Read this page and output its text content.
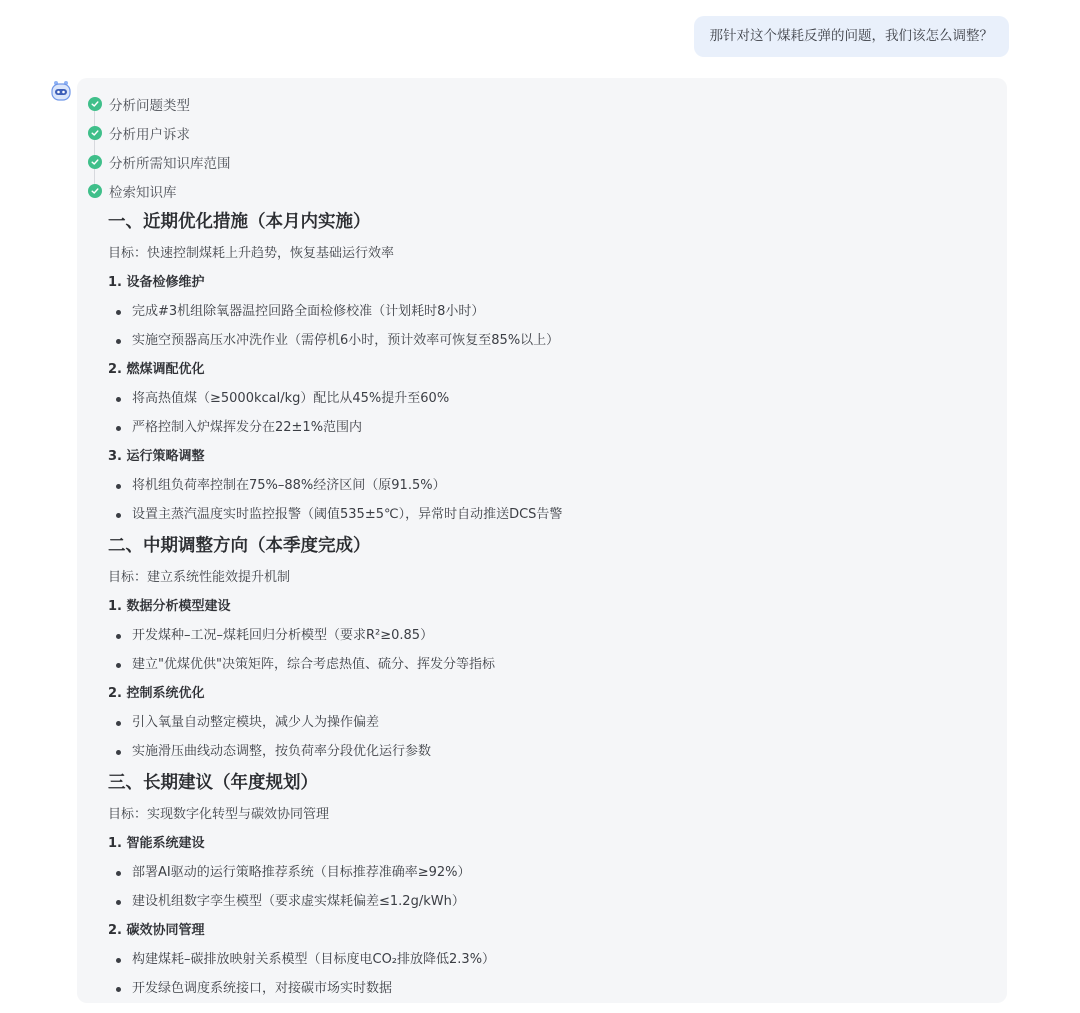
那针对这个煤耗反弹的问题，我们该怎么调整？
分析问题类型
分析用户诉求
分析所需知识库范围
检索知识库
一、近期优化措施（本月内实施）
目标：快速控制煤耗上升趋势，恢复基础运行效率
1. 设备检修维护
完成#3机组除氧器温控回路全面检修校准（计划耗时8小时）
实施空预器高压水冲洗作业（需停机6小时，预计效率可恢复至85%以上）
2. 燃煤调配优化
将高热值煤（≥5000kcal/kg）配比从45%提升至60%
严格控制入炉煤挥发分在22±1%范围内
3. 运行策略调整
将机组负荷率控制在75%–88%经济区间（原91.5%）
设置主蒸汽温度实时监控报警（阈值535±5℃），异常时自动推送DCS告警
二、中期调整方向（本季度完成）
目标：建立系统性能效提升机制
1. 数据分析模型建设
开发煤种–工况–煤耗回归分析模型（要求R²≥0.85）
建立"优煤优供"决策矩阵，综合考虑热值、硫分、挥发分等指标
2. 控制系统优化
引入氧量自动整定模块，减少人为操作偏差
实施滑压曲线动态调整，按负荷率分段优化运行参数
三、长期建议（年度规划）
目标：实现数字化转型与碳效协同管理
1. 智能系统建设
部署AI驱动的运行策略推荐系统（目标推荐准确率≥92%）
建设机组数字孪生模型（要求虚实煤耗偏差≤1.2g/kWh）
2. 碳效协同管理
构建煤耗–碳排放映射关系模型（目标度电CO₂排放降低2.3%）
开发绿色调度系统接口，对接碳市场实时数据
